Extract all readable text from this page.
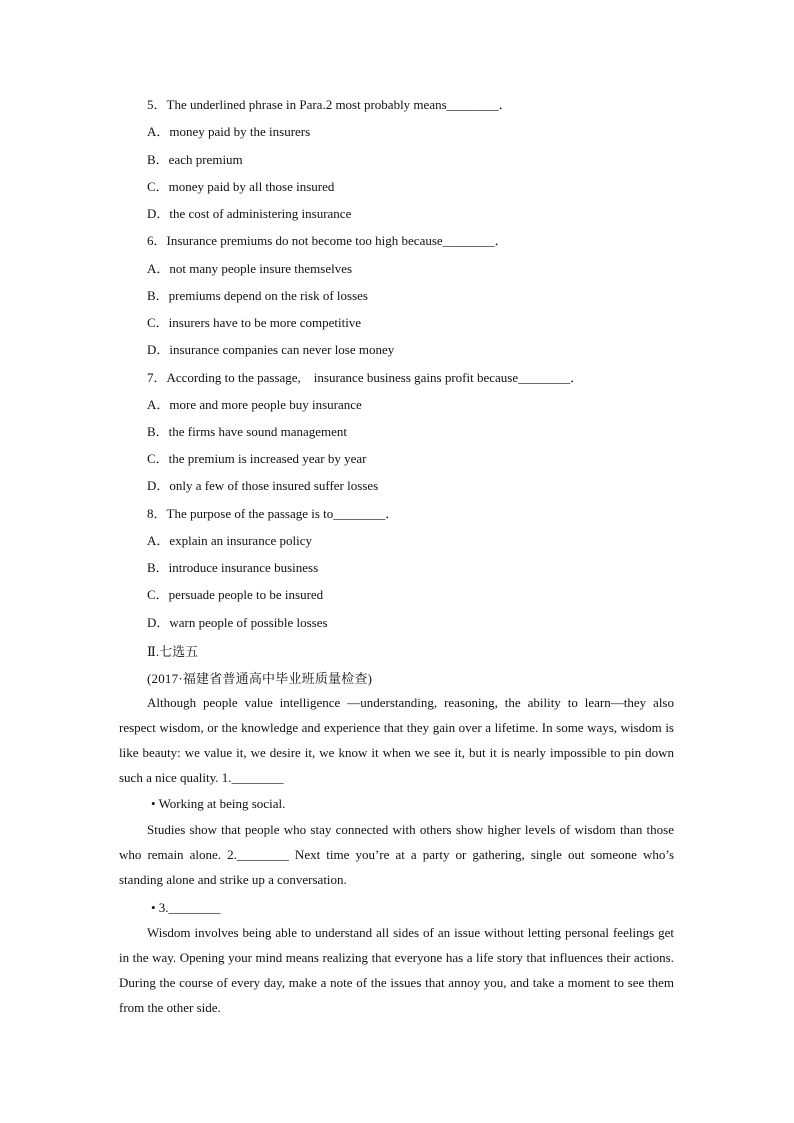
5．The underlined phrase in Para.2 most probably means________．
A．money paid by the insurers
B．each premium
C．money paid by all those insured
D．the cost of administering insurance
6．Insurance premiums do not become too high because________．
A．not many people insure themselves
B．premiums depend on the risk of losses
C．insurers have to be more competitive
D．insurance companies can never lose money
7．According to the passage,　insurance business gains profit because________．
A．more and more people buy insurance
B．the firms have sound management
C．the premium is increased year by year
D．only a few of those insured suffer losses
8．The purpose of the passage is to________．
A．explain an insurance policy
B．introduce insurance business
C．persuade people to be insured
D．warn people of possible losses
Ⅱ.七选五
(2017·福建省普通高中毕业班质量检查)
Although people value intelligence —understanding, reasoning, the ability to learn—they also respect wisdom, or the knowledge and experience that they gain over a lifetime. In some ways, wisdom is like beauty: we value it, we desire it, we know it when we see it, but it is nearly impossible to pin down such a nice quality. 1.________
• Working at being social.
Studies show that people who stay connected with others show higher levels of wisdom than those who remain alone. 2.________ Next time you’re at a party or gathering, single out someone who’s standing alone and strike up a conversation.
• 3.________
Wisdom involves being able to understand all sides of an issue without letting personal feelings get in the way. Opening your mind means realizing that everyone has a life story that influences their actions. During the course of every day, make a note of the issues that annoy you, and take a moment to see them from the other side.
